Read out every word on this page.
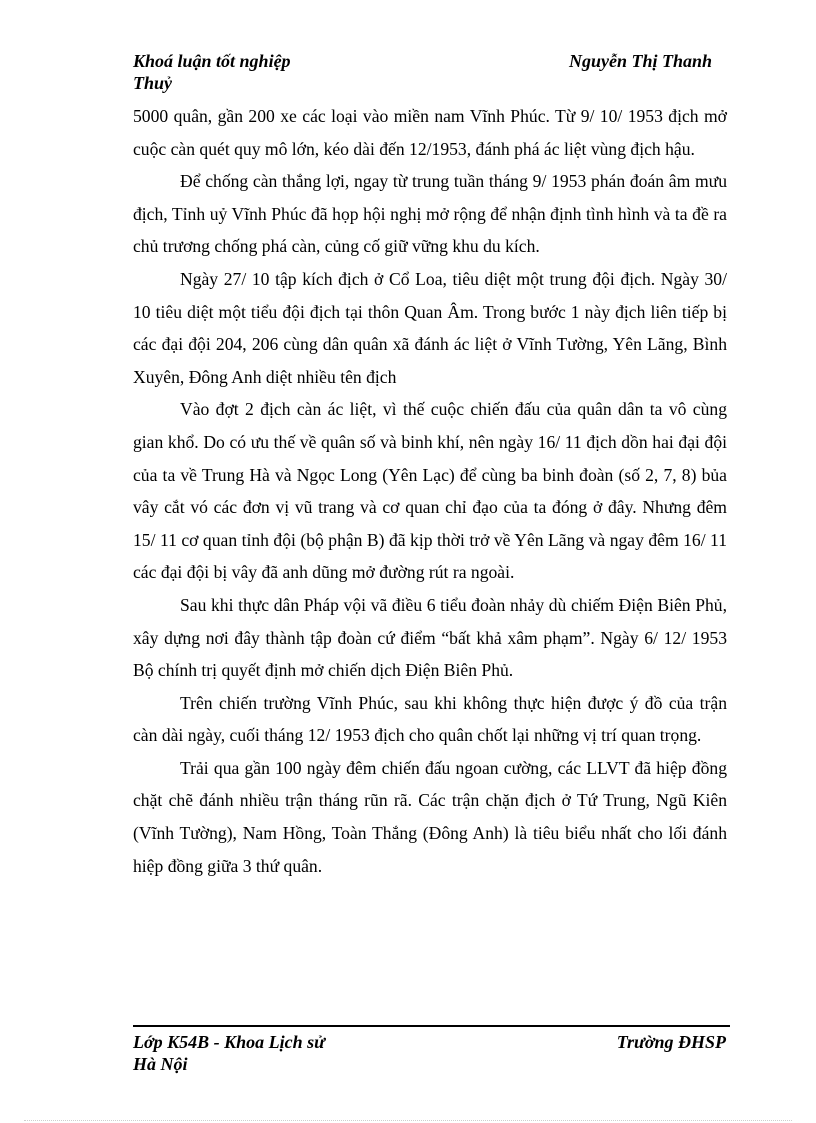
Khoá luận tốt nghiệp	Nguyễn Thị Thanh
Thuỷ

5000 quân, gần 200 xe các loại vào miền nam Vĩnh Phúc. Từ 9/ 10/ 1953 địch mở cuộc càn quét quy mô lớn, kéo dài đến 12/1953, đánh phá ác liệt vùng địch hậu.

Để chống càn thắng lợi, ngay từ trung tuần tháng 9/ 1953 phán đoán âm mưu địch, Tỉnh uỷ Vĩnh Phúc đã họp hội nghị mở rộng để nhận định tình hình và ta đề ra chủ trương chống phá càn, củng cố giữ vững khu du kích.

Ngày 27/ 10 tập kích địch ở Cổ Loa, tiêu diệt một trung đội địch. Ngày 30/ 10 tiêu diệt một tiểu đội địch tại thôn Quan Âm. Trong bước 1 này địch liên tiếp bị các đại đội 204, 206 cùng dân quân xã đánh ác liệt ở Vĩnh Tường, Yên Lãng, Bình Xuyên, Đông Anh diệt nhiều tên địch

Vào đợt 2 địch càn ác liệt, vì thế cuộc chiến đấu của quân dân ta vô cùng gian khổ. Do có ưu thế về quân số và binh khí, nên ngày 16/ 11 địch dồn hai đại đội của ta về Trung Hà và Ngọc Long (Yên Lạc) để cùng ba binh đoàn (số 2, 7, 8) bủa vây cắt vó các đơn vị vũ trang và cơ quan chỉ đạo của ta đóng ở đây. Nhưng đêm 15/ 11 cơ quan tỉnh đội (bộ phận B) đã kịp thời trở về Yên Lãng và ngay đêm 16/ 11 các đại đội bị vây đã anh dũng mở đường rút ra ngoài.

Sau khi thực dân Pháp vội vã điều 6 tiểu đoàn nhảy dù chiếm Điện Biên Phủ, xây dựng nơi đây thành tập đoàn cứ điểm “bất khả xâm phạm”. Ngày 6/ 12/ 1953 Bộ chính trị quyết định mở chiến dịch Điện Biên Phủ.

Trên chiến trường Vĩnh Phúc, sau khi không thực hiện được ý đồ của trận càn dài ngày, cuối tháng 12/ 1953 địch cho quân chốt lại những vị trí quan trọng.

Trải qua gần 100 ngày đêm chiến đấu ngoan cường, các LLVT đã hiệp đồng chặt chẽ đánh nhiều trận tháng rũn rã. Các trận chặn địch ở Tứ Trung, Ngũ Kiên (Vĩnh Tường), Nam Hồng, Toàn Thắng (Đông Anh) là tiêu biểu nhất cho lối đánh hiệp đồng giữa 3 thứ quân.

Lớp K54B - Khoa Lịch sử	Trường ĐHSP
Hà Nội
